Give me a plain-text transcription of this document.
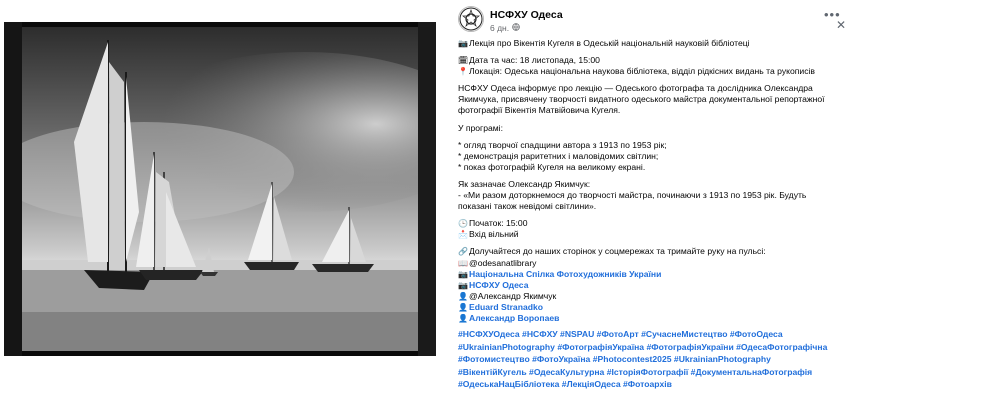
НСФХУ Одеса
6 дн.
•••
✕
📷Лекція про Вікентія Кугеля в Одеській національній науковій бібліотеці
🗓Дата та час: 18 листопада, 15:00
📍Локація: Одеська національна наукова бібліотека, відділ рідкісних видань та рукописів
НСФХУ Одеса інформує про лекцію — Одеського фотографа та дослідника Олександра
Якимчука, присвячену творчості видатного одеського майстра документальної репортажної
фотографії Вікентія Матвійовича Кугеля.
У програмі:
* огляд творчої спадщини автора з 1913 по 1953 рік;
* демонстрація раритетних і маловідомих світлин;
* показ фотографій Кугеля на великому екрані.
Як зазначає Олександр Якимчук:
- «Ми разом доторкнемося до творчості майстра, починаючи з 1913 по 1953 рік. Будуть
показані також невідомі світлини».
🕒Початок: 15:00
📩Вхід вільний
🔗Долучайтеся до наших сторінок у соцмережах та тримайте руку на пульсі:
📖@odesanatlibrary
📷Національна Спілка Фотохудожників України
📷НСФХУ Одеса
👤@Александр Якимчук
👤Eduard Stranadko
👤Александр Воропаев
#НСФХУОдеса #НСФХУ #NSPAU #ФотоАрт #СучаснеМистецтво #ФотоОдеса
#UkrainianPhotography #ФотографіяУкраїна #ФотографіяУкраїни #ОдесаФотографічна
#Фотомистецтво #ФотоУкраїна #Photocontest2025 #UkrainianPhotography
#ВікентійКугель #ОдесаКультурна #ІсторіяФотографії #ДокументальнаФотографія
#ОдеськаНацБібліотека #ЛекціяОдеса #Фотоархів
